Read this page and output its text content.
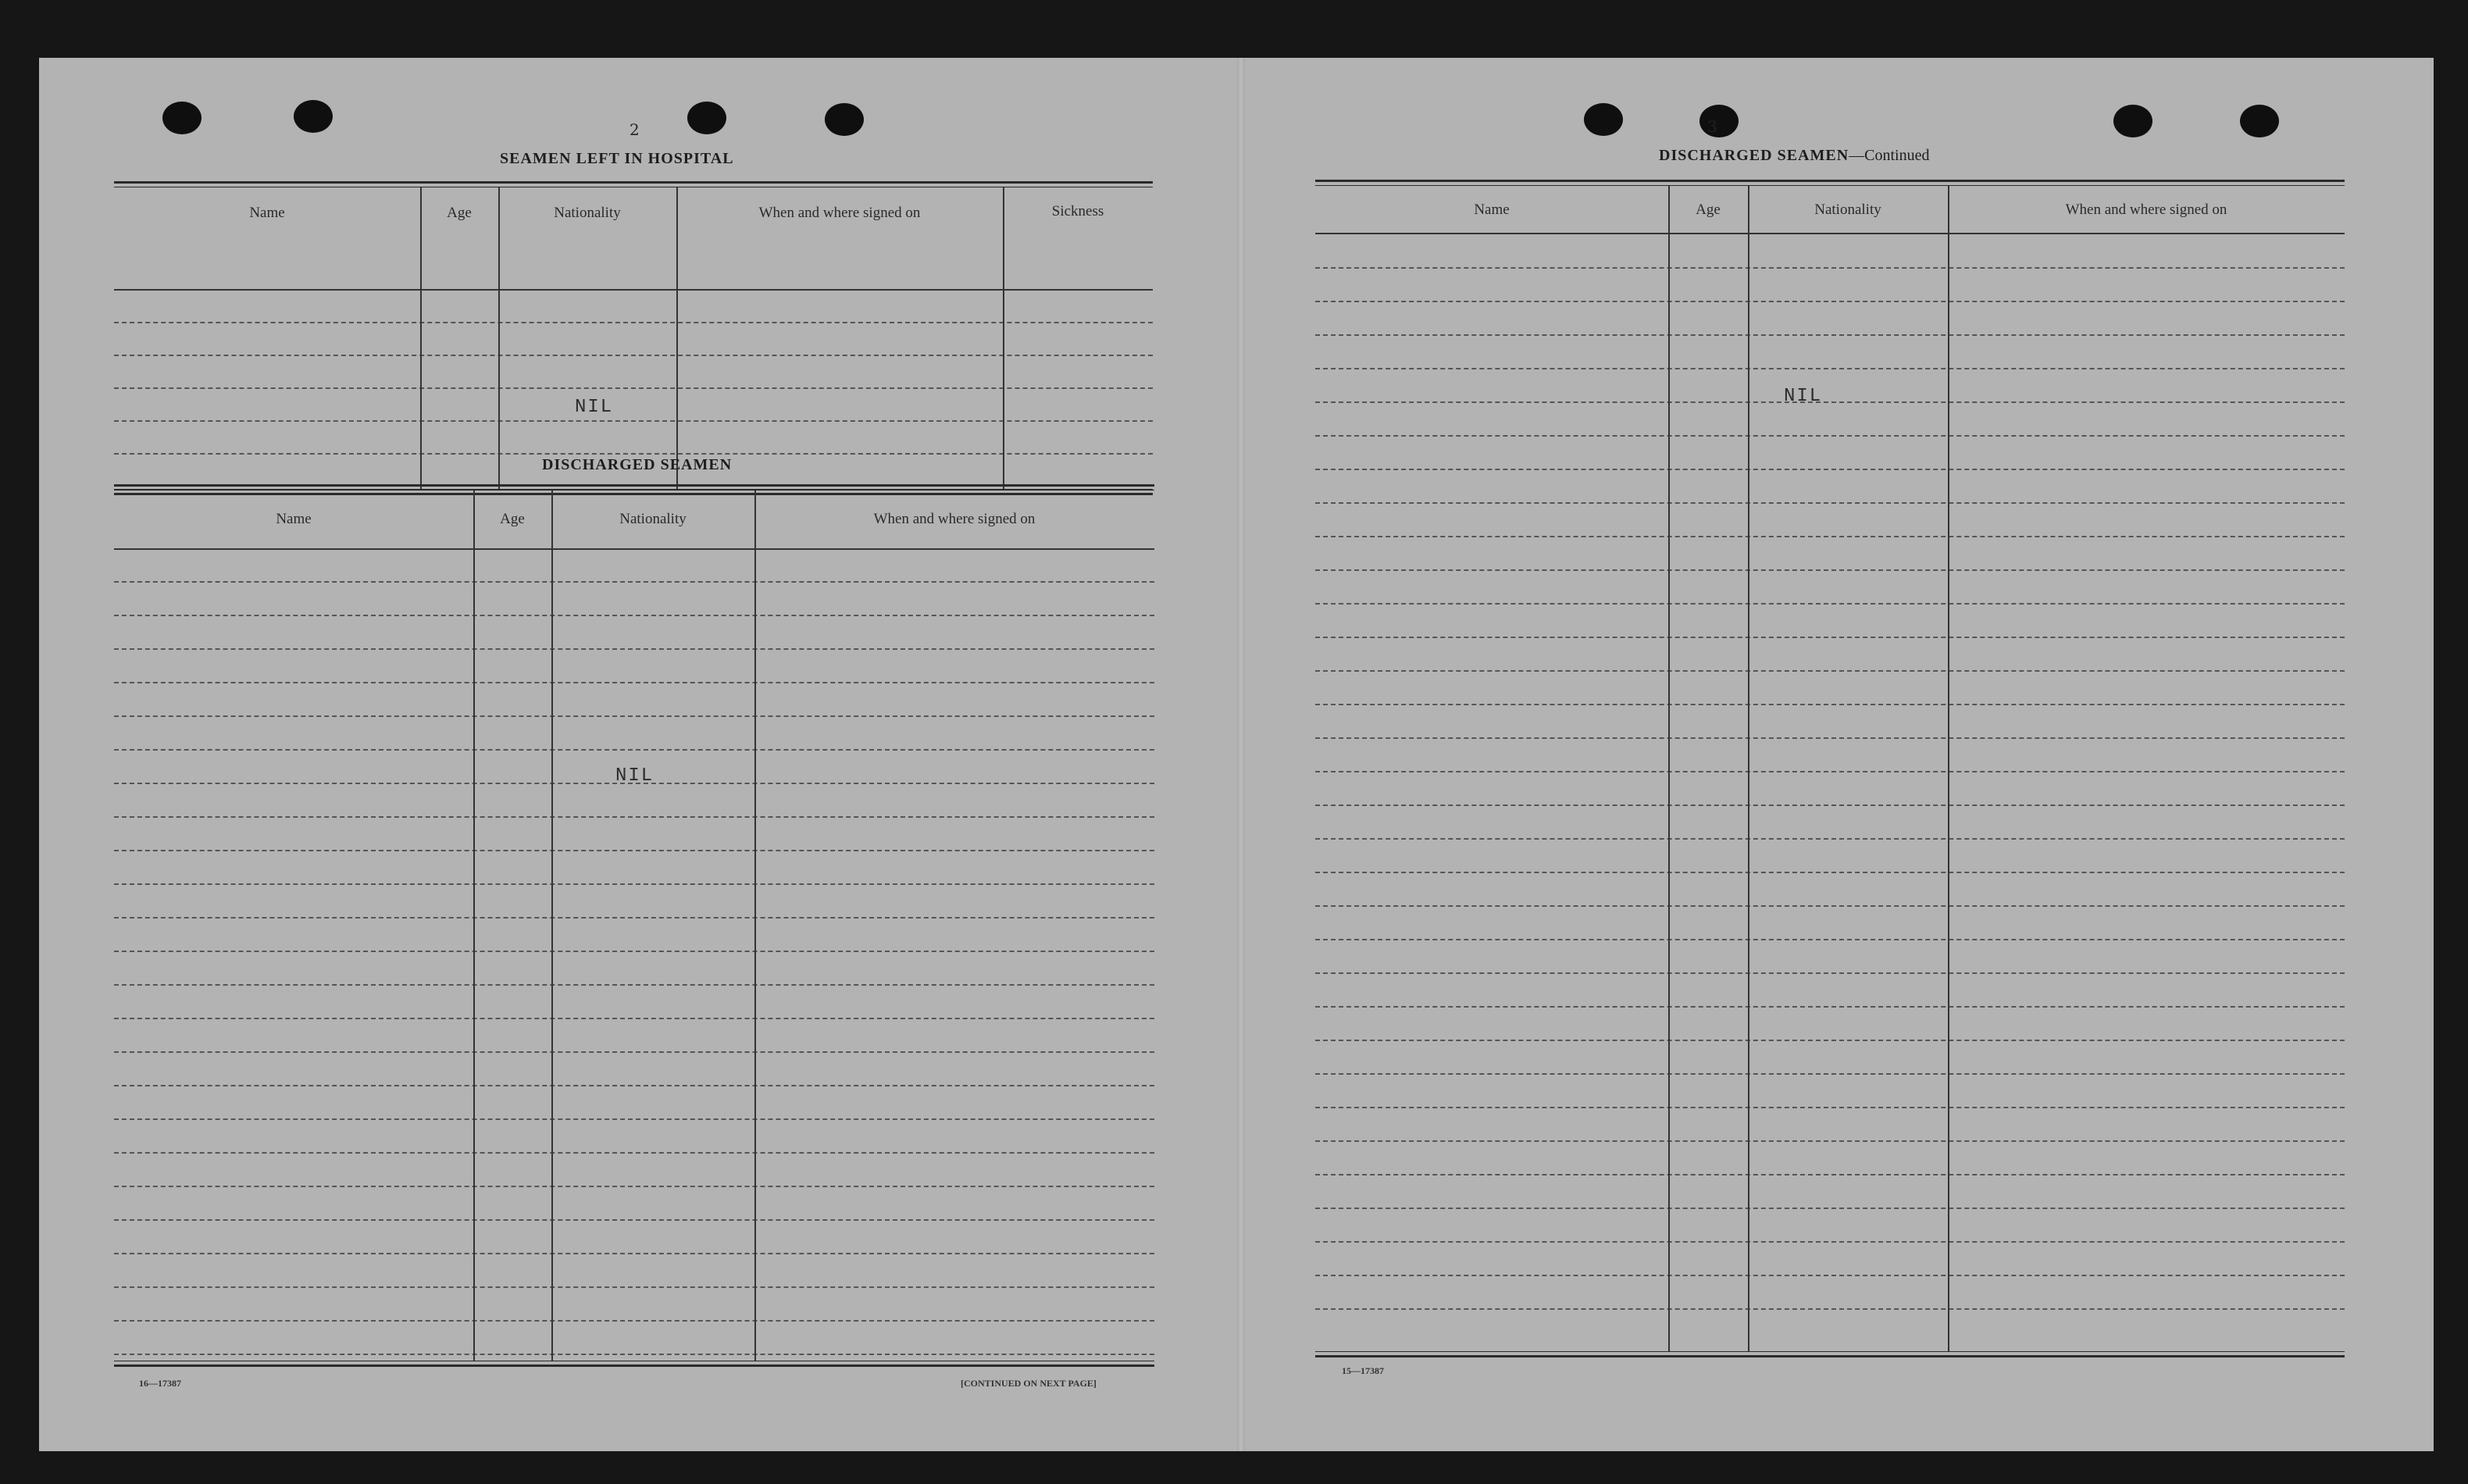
2
SEAMEN LEFT IN HOSPITAL
Name	Age	Nationality	When and where signed on	Sickness
NIL
DISCHARGED SEAMEN
Name	Age	Nationality	When and where signed on
NIL
16—17387	[CONTINUED ON NEXT PAGE]
3
DISCHARGED SEAMEN—Continued
Name	Age	Nationality	When and where signed on
NIL
15—17387
